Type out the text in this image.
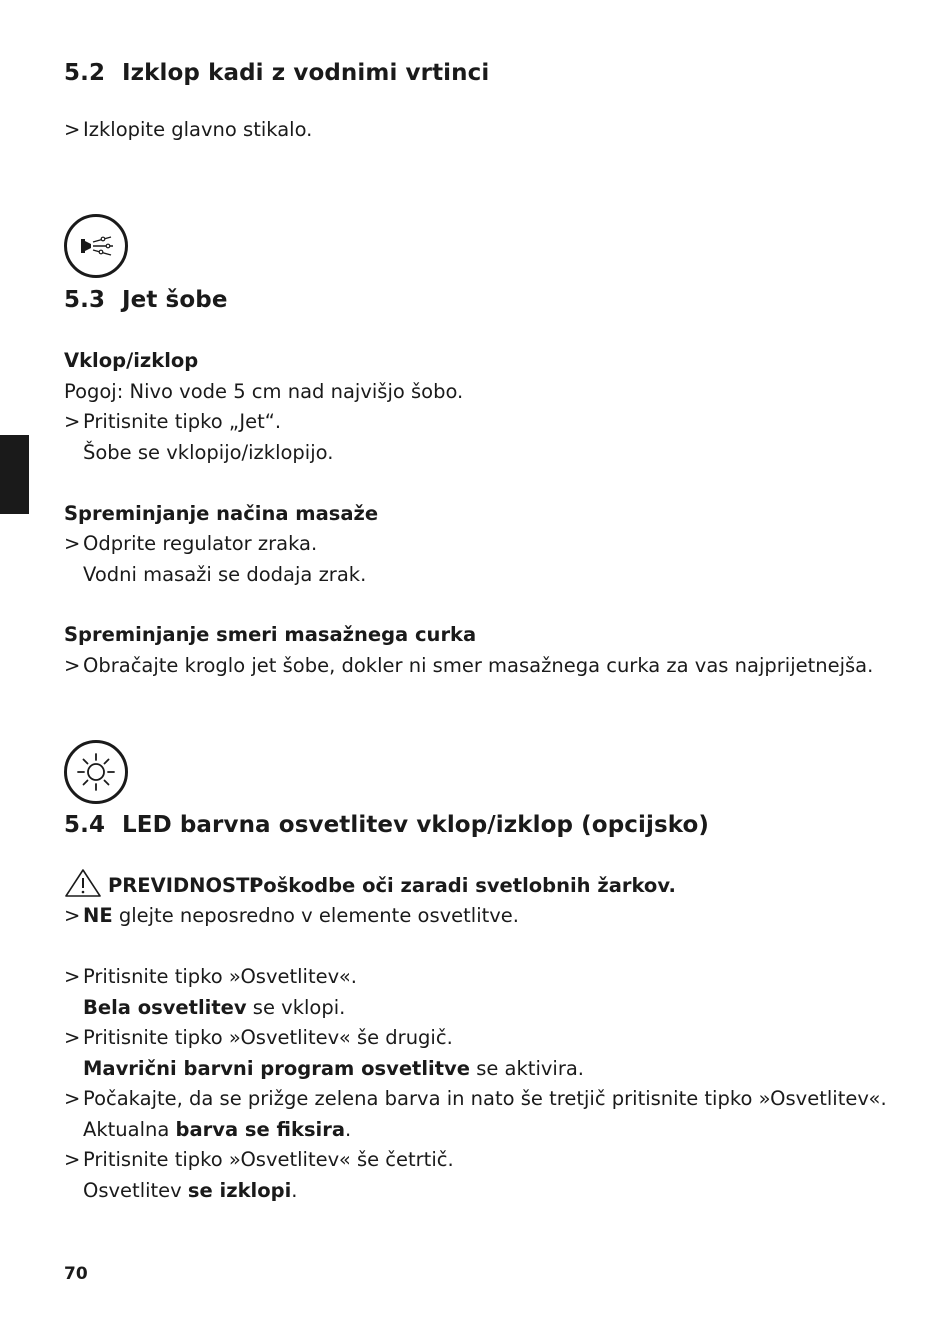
5.2 Izklop kadi z vodnimi vrtinci
> Izklopite glavno stikalo.
5.3 Jet šobe
Vklop/izklop
Pogoj: Nivo vode 5 cm nad najvišjo šobo.
> Pritisnite tipko „Jet“.
Šobe se vklopijo/izklopijo.
Spreminjanje načina masaže
> Odprite regulator zraka.
Vodni masaži se dodaja zrak.
Spreminjanje smeri masažnega curka
> Obračajte kroglo jet šobe, dokler ni smer masažnega curka za vas najprijetnejša.
5.4 LED barvna osvetlitev vklop/izklop (opcijsko)
PREVIDNOST!
Poškodbe oči zaradi svetlobnih žarkov.
> NE glejte neposredno v elemente osvetlitve.
> Pritisnite tipko »Osvetlitev«.
Bela osvetlitev se vklopi.
> Pritisnite tipko »Osvetlitev« še drugič.
Mavrični barvni program osvetlitve se aktivira.
> Počakajte, da se prižge zelena barva in nato še tretjič pritisnite tipko »Osvetlitev«.
Aktualna barva se fiksira.
> Pritisnite tipko »Osvetlitev« še četrtič.
Osvetlitev se izklopi.
70
